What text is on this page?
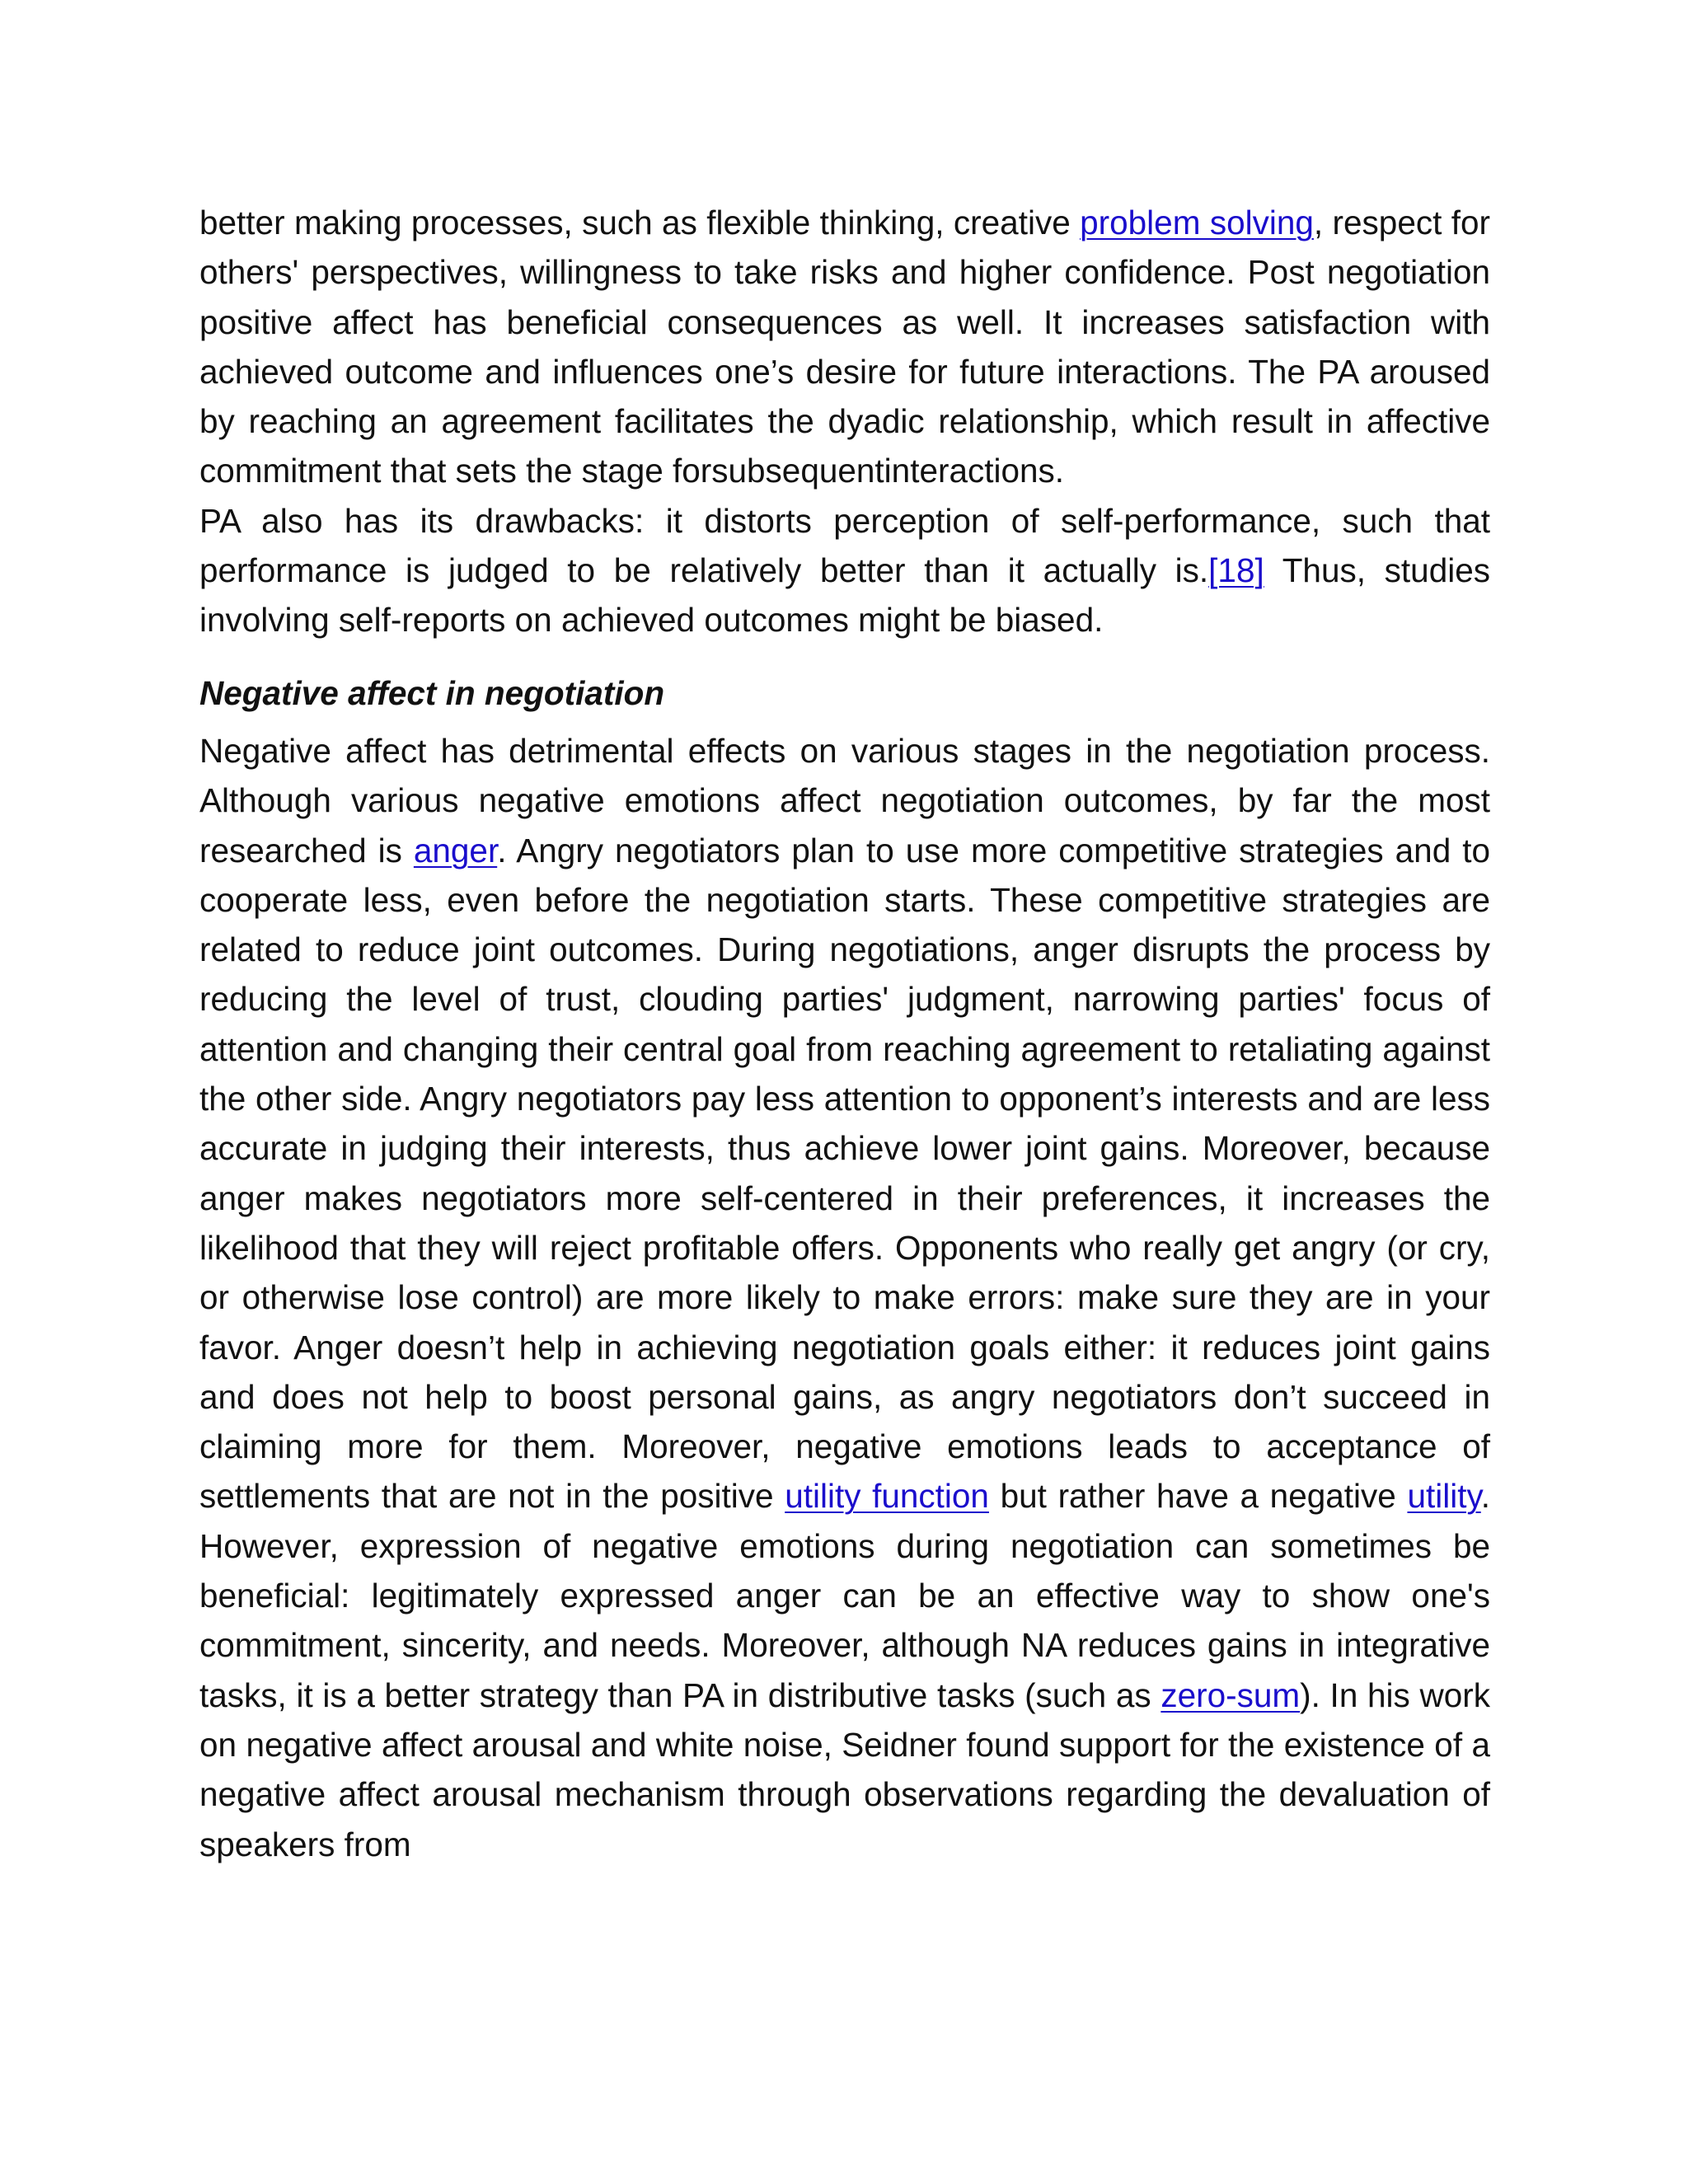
better making processes, such as flexible thinking, creative problem solving, respect for others' perspectives, willingness to take risks and higher confidence. Post negotiation positive affect has beneficial consequences as well. It increases satisfaction with achieved outcome and influences one’s desire for future interactions. The PA aroused by reaching an agreement facilitates the dyadic relationship, which result in affective commitment that sets the stage forsubsequentinteractions.

PA also has its drawbacks: it distorts perception of self-performance, such that performance is judged to be relatively better than it actually is.[18] Thus, studies involving self-reports on achieved outcomes might be biased.

Negative affect in negotiation

Negative affect has detrimental effects on various stages in the negotiation process. Although various negative emotions affect negotiation outcomes, by far the most researched is anger. Angry negotiators plan to use more competitive strategies and to cooperate less, even before the negotiation starts. These competitive strategies are related to reduce joint outcomes. During negotiations, anger disrupts the process by reducing the level of trust, clouding parties' judgment, narrowing parties' focus of attention and changing their central goal from reaching agreement to retaliating against the other side. Angry negotiators pay less attention to opponent’s interests and are less accurate in judging their interests, thus achieve lower joint gains. Moreover, because anger makes negotiators more self-centered in their preferences, it increases the likelihood that they will reject profitable offers. Opponents who really get angry (or cry, or otherwise lose control) are more likely to make errors: make sure they are in your favor. Anger doesn’t help in achieving negotiation goals either: it reduces joint gains and does not help to boost personal gains, as angry negotiators don’t succeed in claiming more for them. Moreover, negative emotions leads to acceptance of settlements that are not in the positive utility function but rather have a negative utility. However, expression of negative emotions during negotiation can sometimes be beneficial: legitimately expressed anger can be an effective way to show one's commitment, sincerity, and needs. Moreover, although NA reduces gains in integrative tasks, it is a better strategy than PA in distributive tasks (such as zero-sum). In his work on negative affect arousal and white noise, Seidner found support for the existence of a negative affect arousal mechanism through observations regarding the devaluation of speakers from
